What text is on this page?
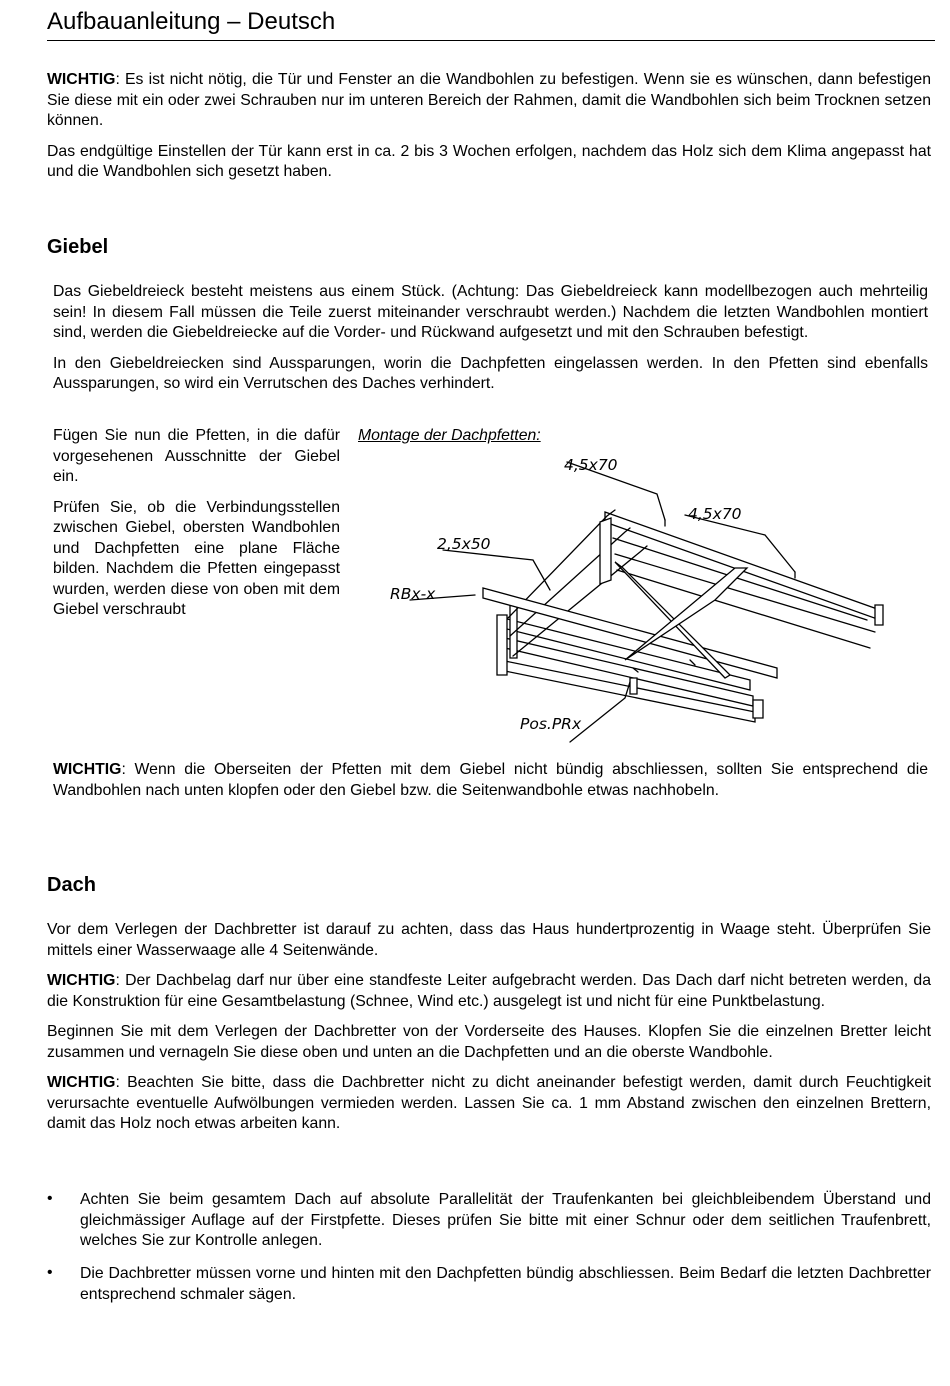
Aufbauanleitung – Deutsch

WICHTIG: Es ist nicht nötig, die Tür und Fenster an die Wandbohlen zu befestigen. Wenn sie es wünschen, dann befestigen Sie diese mit ein oder zwei Schrauben nur im unteren Bereich der Rahmen, damit die Wandbohlen sich beim Trocknen setzen können.

Das endgültige Einstellen der Tür kann erst in ca. 2 bis 3 Wochen erfolgen, nachdem das Holz sich dem Klima angepasst hat und die Wandbohlen sich gesetzt haben.

Giebel

Das Giebeldreieck besteht meistens aus einem Stück. (Achtung: Das Giebeldreieck kann modellbezogen auch mehrteilig sein! In diesem Fall müssen die Teile zuerst miteinander verschraubt werden.) Nachdem die letzten Wandbohlen montiert sind, werden die Giebeldreiecke auf die Vorder- und Rückwand aufgesetzt und mit den Schrauben befestigt.

In den Giebeldreiecken sind Aussparungen, worin die Dachpfetten eingelassen werden. In den Pfetten sind ebenfalls Aussparungen, so wird ein Verrutschen des Daches verhindert.

Fügen Sie nun die Pfetten, in die dafür vorgesehenen Ausschnitte der Giebel ein.

Prüfen Sie, ob die Verbindungsstellen zwischen Giebel, obersten Wandbohlen und Dachpfetten eine plane Fläche bilden. Nachdem die Pfetten eingepasst wurden, werden diese von oben mit dem Giebel verschraubt

Montage der Dachpfetten:
4,5x70
4,5x70
2,5x50
RBx-x
Pos.PRx

WICHTIG: Wenn die Oberseiten der Pfetten mit dem Giebel nicht bündig abschliessen, sollten Sie entsprechend die Wandbohlen nach unten klopfen oder den Giebel bzw. die Seitenwandbohle etwas nachhobeln.

Dach

Vor dem Verlegen der Dachbretter ist darauf zu achten, dass das Haus hundertprozentig in Waage steht. Überprüfen Sie mittels einer Wasserwaage alle 4 Seitenwände.

WICHTIG: Der Dachbelag darf nur über eine standfeste Leiter aufgebracht werden. Das Dach darf nicht betreten werden, da die Konstruktion für eine Gesamtbelastung (Schnee, Wind etc.) ausgelegt ist und nicht für eine Punktbelastung.

Beginnen Sie mit dem Verlegen der Dachbretter von der Vorderseite des Hauses. Klopfen Sie die einzelnen Bretter leicht zusammen und vernageln Sie diese oben und unten an die Dachpfetten und an die oberste Wandbohle.

WICHTIG: Beachten Sie bitte, dass die Dachbretter nicht zu dicht aneinander befestigt werden, damit durch Feuchtigkeit verursachte eventuelle Aufwölbungen vermieden werden. Lassen Sie ca. 1 mm Abstand zwischen den einzelnen Brettern, damit das Holz noch etwas arbeiten kann.

• Achten Sie beim gesamtem Dach auf absolute Parallelität der Traufenkanten bei gleichbleibendem Überstand und gleichmässiger Auflage auf der Firstpfette. Dieses prüfen Sie bitte mit einer Schnur oder dem seitlichen Traufenbrett, welches Sie zur Kontrolle anlegen.

• Die Dachbretter müssen vorne und hinten mit den Dachpfetten bündig abschliessen. Beim Bedarf die letzten Dachbretter entsprechend schmaler sägen.
